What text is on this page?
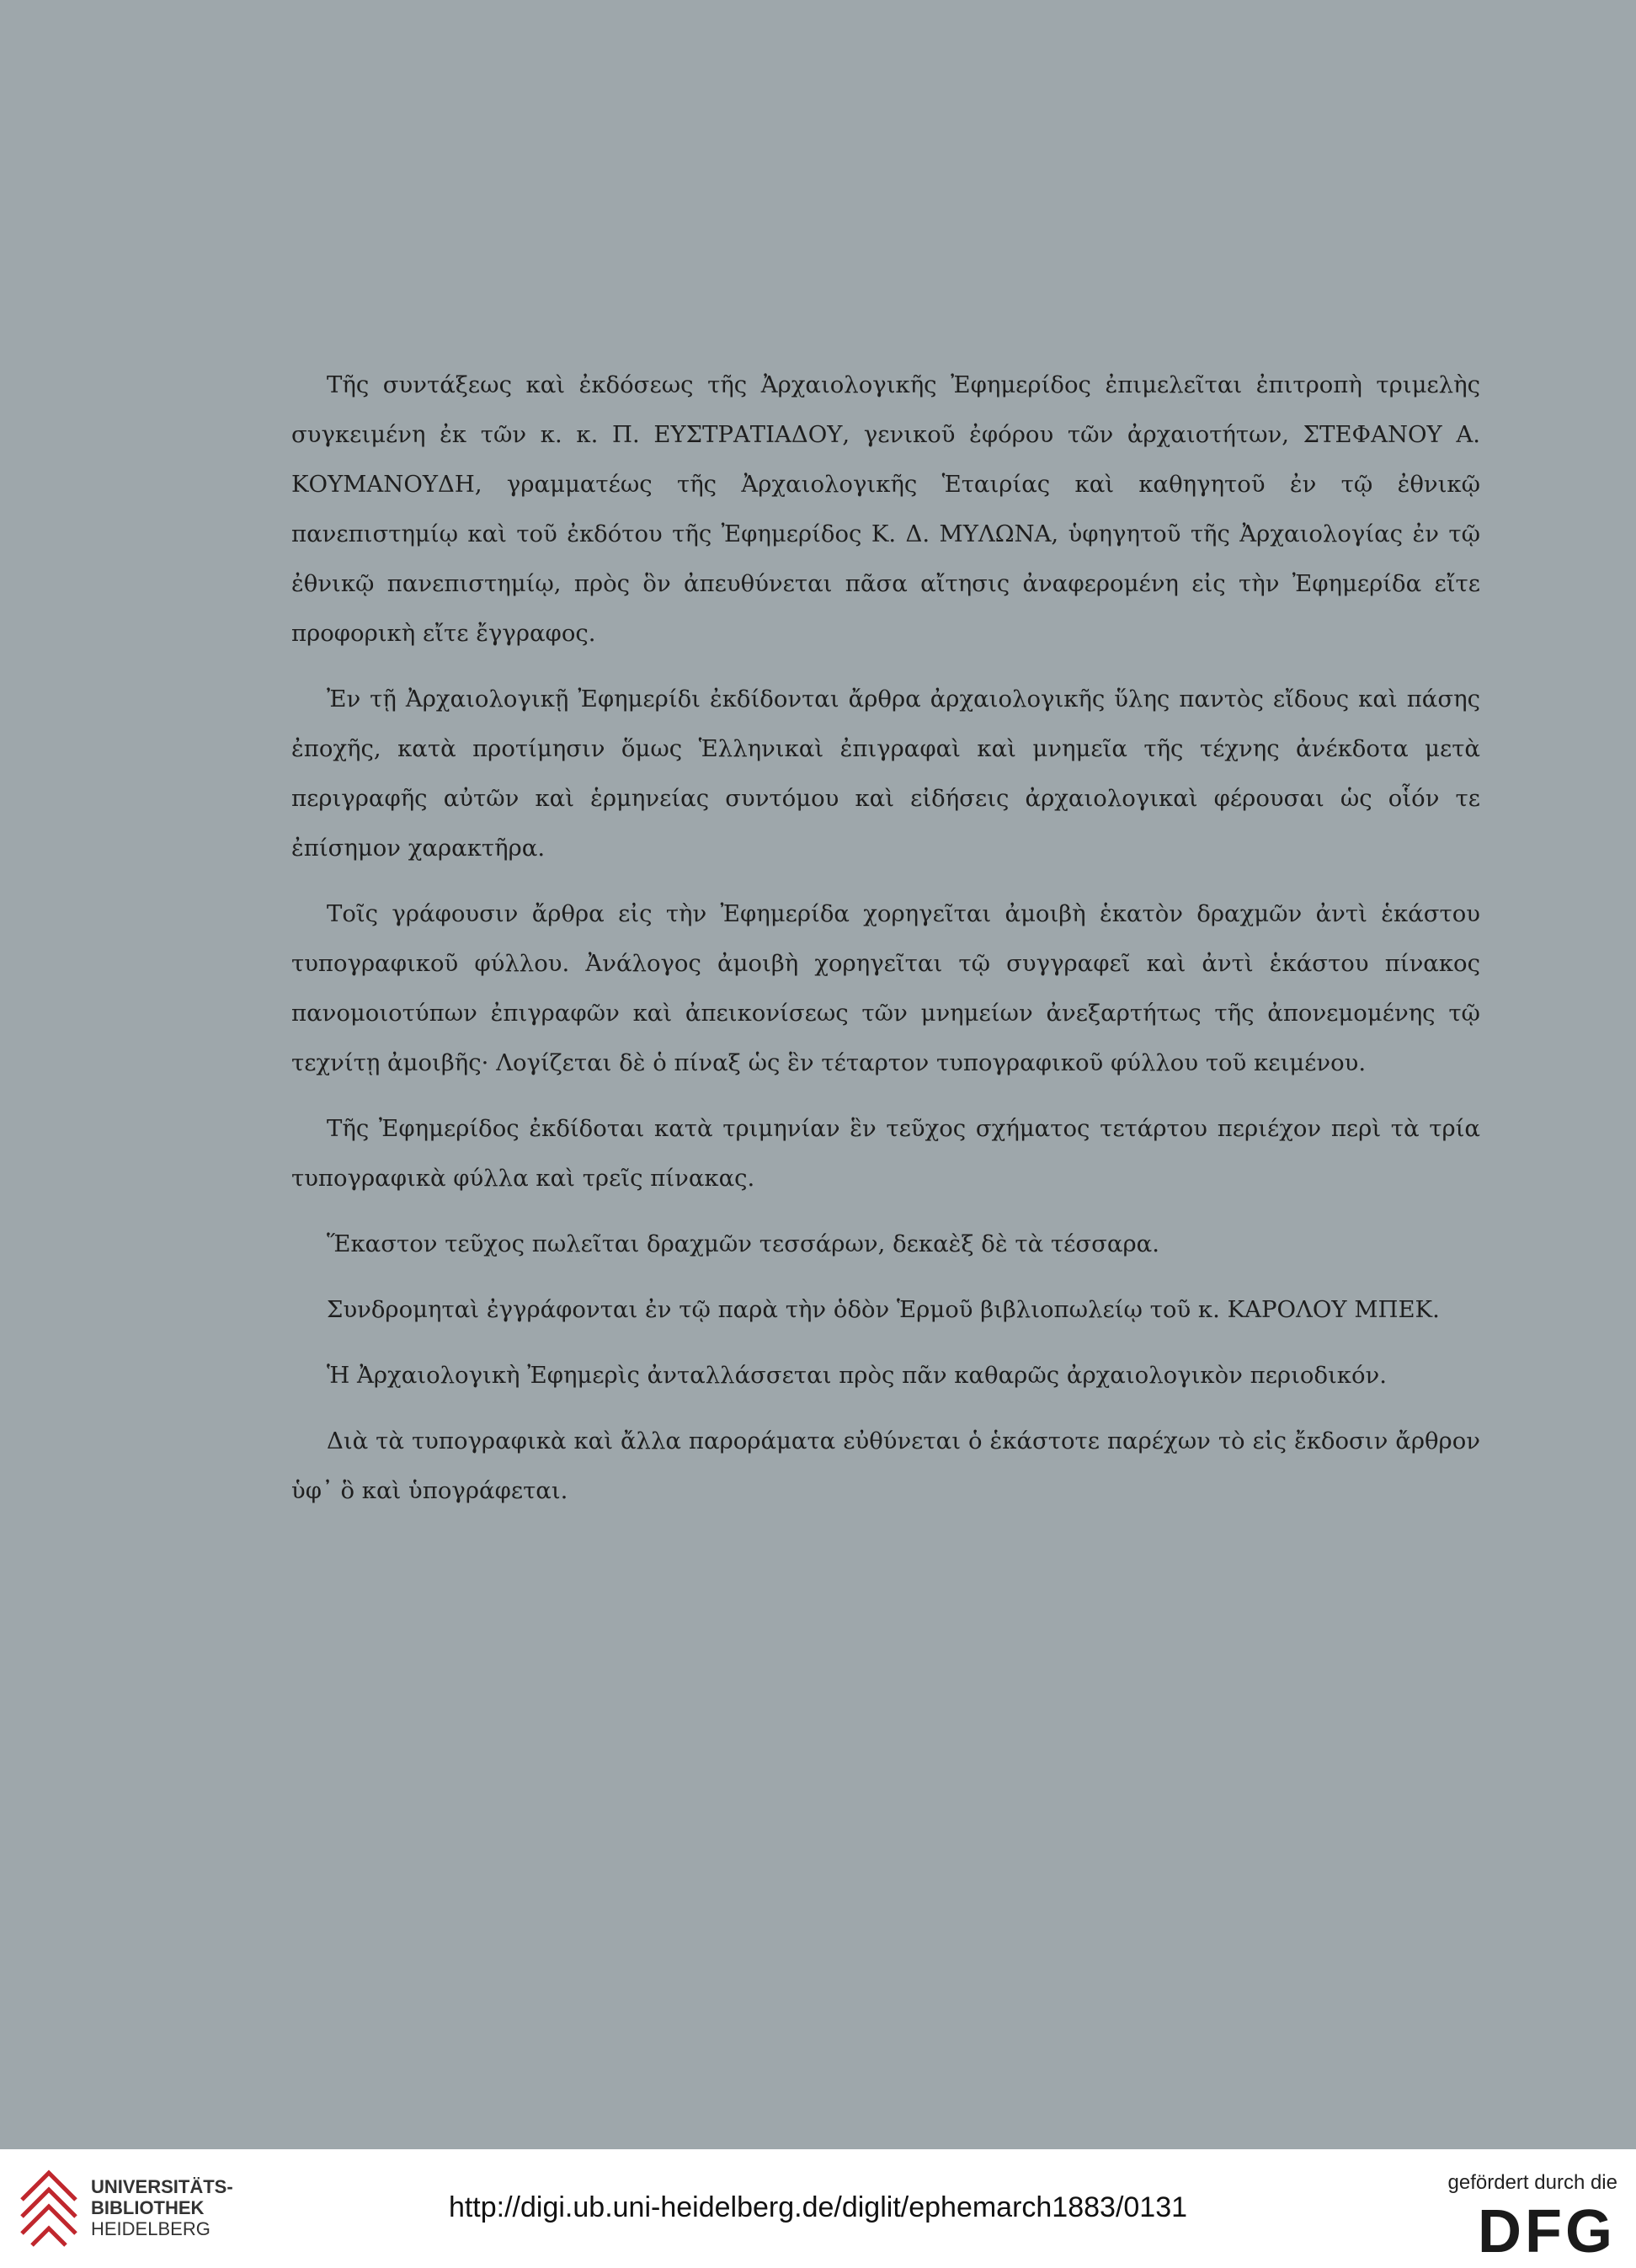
Τῆς συντάξεως καὶ ἐκδόσεως τῆς Ἀρχαιολογικῆς Ἐφημερίδος ἐπιμελεῖται ἐπιτροπὴ τριμελὴς συγκειμένη ἐκ τῶν κ. κ. Π. ΕΥΣΤΡΑΤΙΑΔΟΥ, γενικοῦ ἐφόρου τῶν ἀρχαιοτήτων, ΣΤΕΦΑΝΟΥ Α. ΚΟΥΜΑΝΟΥΔΗ, γραμματέως τῆς Ἀρχαιολογικῆς Ἑταιρίας καὶ καθηγητοῦ ἐν τῷ ἐθνικῷ πανεπιστημίῳ καὶ τοῦ ἐκδότου τῆς Ἐφημερίδος Κ. Δ. ΜΥΛΩΝΑ, ὑφηγητοῦ τῆς Ἀρχαιολογίας ἐν τῷ ἐθνικῷ πανεπιστημίῳ, πρὸς ὃν ἀπευθύνεται πᾶσα αἴτησις ἀναφερομένη εἰς τὴν Ἐφημερίδα εἴτε προφορικὴ εἴτε ἔγγραφος.

Ἐν τῇ Ἀρχαιολογικῇ Ἐφημερίδι ἐκδίδονται ἄρθρα ἀρχαιολογικῆς ὕλης παντὸς εἴδους καὶ πάσης ἐποχῆς, κατὰ προτίμησιν ὅμως Ἑλληνικαὶ ἐπιγραφαὶ καὶ μνημεῖα τῆς τέχνης ἀνέκδοτα μετὰ περιγραφῆς αὐτῶν καὶ ἑρμηνείας συντόμου καὶ εἰδήσεις ἀρχαιολογικαὶ φέρουσαι ὡς οἷόν τε ἐπίσημον χαρακτῆρα.

Τοῖς γράφουσιν ἄρθρα εἰς τὴν Ἐφημερίδα χορηγεῖται ἀμοιβὴ ἑκατὸν δραχμῶν ἀντὶ ἑκάστου τυπογραφικοῦ φύλλου. Ἀνάλογος ἀμοιβὴ χορηγεῖται τῷ συγγραφεῖ καὶ ἀντὶ ἑκάστου πίνακος πανομοιοτύπων ἐπιγραφῶν καὶ ἀπεικονίσεως τῶν μνημείων ἀνεξαρτήτως τῆς ἀπονεμομένης τῷ τεχνίτῃ ἀμοιβῆς· Λογίζεται δὲ ὁ πίναξ ὡς ἓν τέταρτον τυπογραφικοῦ φύλλου τοῦ κειμένου.

Τῆς Ἐφημερίδος ἐκδίδοται κατὰ τριμηνίαν ἓν τεῦχος σχήματος τετάρτου περιέχον περὶ τὰ τρία τυπογραφικὰ φύλλα καὶ τρεῖς πίνακας.

Ἕκαστον τεῦχος πωλεῖται δραχμῶν τεσσάρων, δεκαὲξ δὲ τὰ τέσσαρα.

Συνδρομηταὶ ἐγγράφονται ἐν τῷ παρὰ τὴν ὁδὸν Ἑρμοῦ βιβλιοπωλείῳ τοῦ κ. ΚΑΡΟΛΟΥ ΜΠΕΚ.

Ἡ Ἀρχαιολογικὴ Ἐφημερὶς ἀνταλλάσσεται πρὸς πᾶν καθαρῶς ἀρχαιολογικὸν περιοδικόν.

Διὰ τὰ τυπογραφικὰ καὶ ἄλλα παροράματα εὐθύνεται ὁ ἑκάστοτε παρέχων τὸ εἰς ἔκδοσιν ἄρθρον ὑφ᾽ ὃ καὶ ὑπογράφεται.

UNIVERSITÄTS-
BIBLIOTHEK
HEIDELBERG
http://digi.ub.uni-heidelberg.de/diglit/ephemarch1883/0131
gefördert durch die
DFG
